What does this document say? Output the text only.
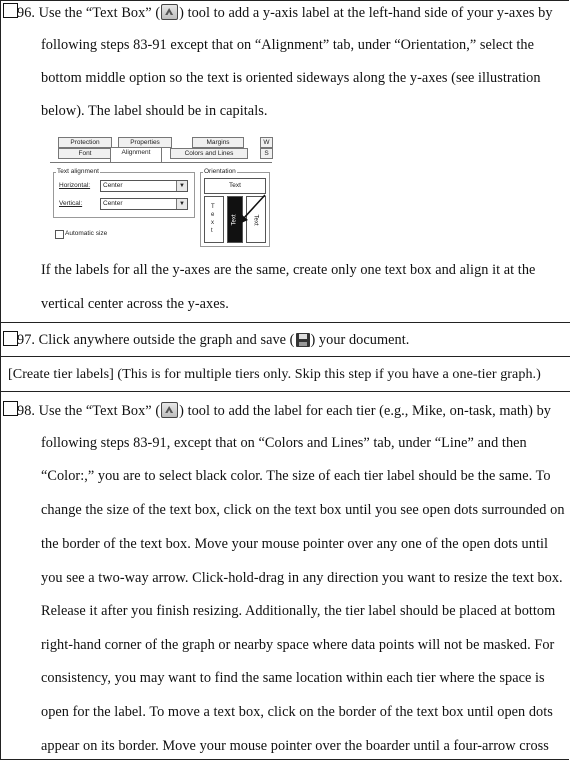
96. Use the “Text Box” ( ) tool to add a y-axis label at the left-hand side of your y-axes by
following steps 83-91 except that on “Alignment” tab, under “Orientation,” select the
bottom middle option so the text is oriented sideways along the y-axes (see illustration
below). The label should be in capitals.
Protection	Properties	Margins	W
Font	Alignment	Colors and Lines	S
Text alignment
Horizontal:	Center	▼
Vertical:	Center	▼
Automatic size
Orientation
Text
Text
Text	Text
If the labels for all the y-axes are the same, create only one text box and align it at the
vertical center across the y-axes.
97. Click anywhere outside the graph and save ( ) your document.
[Create tier labels] (This is for multiple tiers only. Skip this step if you have a one-tier graph.)
98. Use the “Text Box” ( ) tool to add the label for each tier (e.g., Mike, on-task, math) by
following steps 83-91, except that on “Colors and Lines” tab, under “Line” and then
“Color:,” you are to select black color. The size of each tier label should be the same. To
change the size of the text box, click on the text box until you see open dots surrounded on
the border of the text box. Move your mouse pointer over any one of the open dots until
you see a two-way arrow. Click-hold-drag in any direction you want to resize the text box.
Release it after you finish resizing. Additionally, the tier label should be placed at bottom
right-hand corner of the graph or nearby space where data points will not be masked. For
consistency, you may want to find the same location within each tier where the space is
open for the label. To move a text box, click on the border of the text box until open dots
appear on its border. Move your mouse pointer over the boarder until a four-arrow cross
